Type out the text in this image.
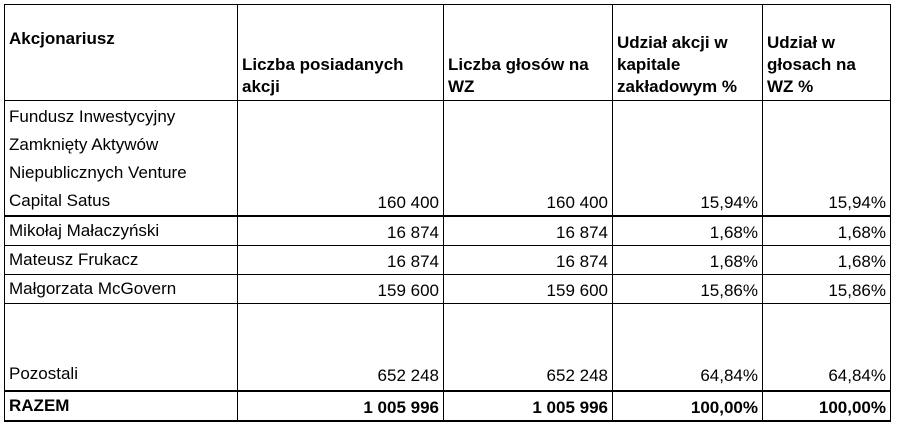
Akcjonariusz	Liczba posiadanych akcji	Liczba głosów na WZ	Udział akcji w kapitale zakładowym %	Udział w głosach na WZ %
Fundusz Inwestycyjny Zamknięty Aktywów Niepublicznych Venture Capital Satus	160 400	160 400	15,94%	15,94%
Mikołaj Małaczyński	16 874	16 874	1,68%	1,68%
Mateusz Frukacz	16 874	16 874	1,68%	1,68%
Małgorzata McGovern	159 600	159 600	15,86%	15,86%
Pozostali	652 248	652 248	64,84%	64,84%
RAZEM	1 005 996	1 005 996	100,00%	100,00%
